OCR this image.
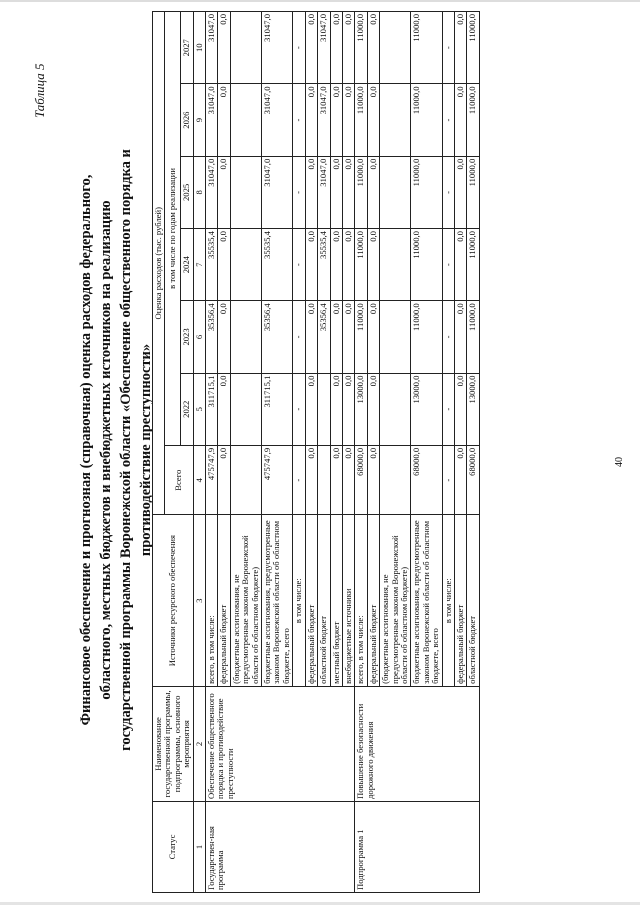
40
Таблица 5
Финансовое обеспечение и прогнозная (справочная) оценка расходов федерального, областного, местных бюджетов и внебюджетных источников на реализацию государственной программы Воронежской области «Обеспечение общественного порядка и противодействие преступности»
Статус	Наименование государственной программы, подпрограммы, основного мероприятия	Источники ресурсного обеспечения	Оценка расходов (тыс. рублей)						
			Всего	в том числе по годам реализации					
				2022	2023	2024	2025	2026	2027
1	2	3	4	5	6	7	8	9	10
Государствен-ная программа	Обеспечение общественного порядка и противодействие преступности	всего, в том числе:	475747,9	311715,1	35356,4	35535,4	31047,0	31047,0	31047,0
		федеральный бюджет	0,0	0,0	0,0	0,0	0,0	0,0	0,0
		(бюджетные ассигнования, не предусмотренные законом Воронежской области об областном бюджете)							
		бюджетные ассигнования, предусмотренные законом Воронежской области об областном бюджете, всего	475747,9	311715,1	35356,4	35535,4	31047,0	31047,0	31047,0
		в том числе:	-	-	-	-	-	-	-
		федеральный бюджет	0,0	0,0	0,0	0,0	0,0	0,0	0,0
		областной бюджет			35356,4	35535,4	31047,0	31047,0	31047,0
		местный бюджет	0,0	0,0	0,0	0,0	0,0	0,0	0,0
		внебюджетные источники	0,0	0,0	0,0	0,0	0,0	0,0	0,0
Подпрограмма 1	Повышение безопасности дорожного движения	всего, в том числе:	68000,0	13000,0	11000,0	11000,0	11000,0	11000,0	11000,0
		федеральный бюджет	0,0	0,0	0,0	0,0	0,0	0,0	0,0
		(бюджетные ассигнования, не предусмотренные законом Воронежской области об областном бюджете)							
		бюджетные ассигнования, предусмотренные законом Воронежской области об областном бюджете, всего	68000,0	13000,0	11000,0	11000,0	11000,0	11000,0	11000,0
		в том числе:	-	-	-	-	-	-	-
		федеральный бюджет	0,0	0,0	0,0	0,0	0,0	0,0	0,0
		областной бюджет	68000,0	13000,0	11000,0	11000,0	11000,0	11000,0	11000,0
